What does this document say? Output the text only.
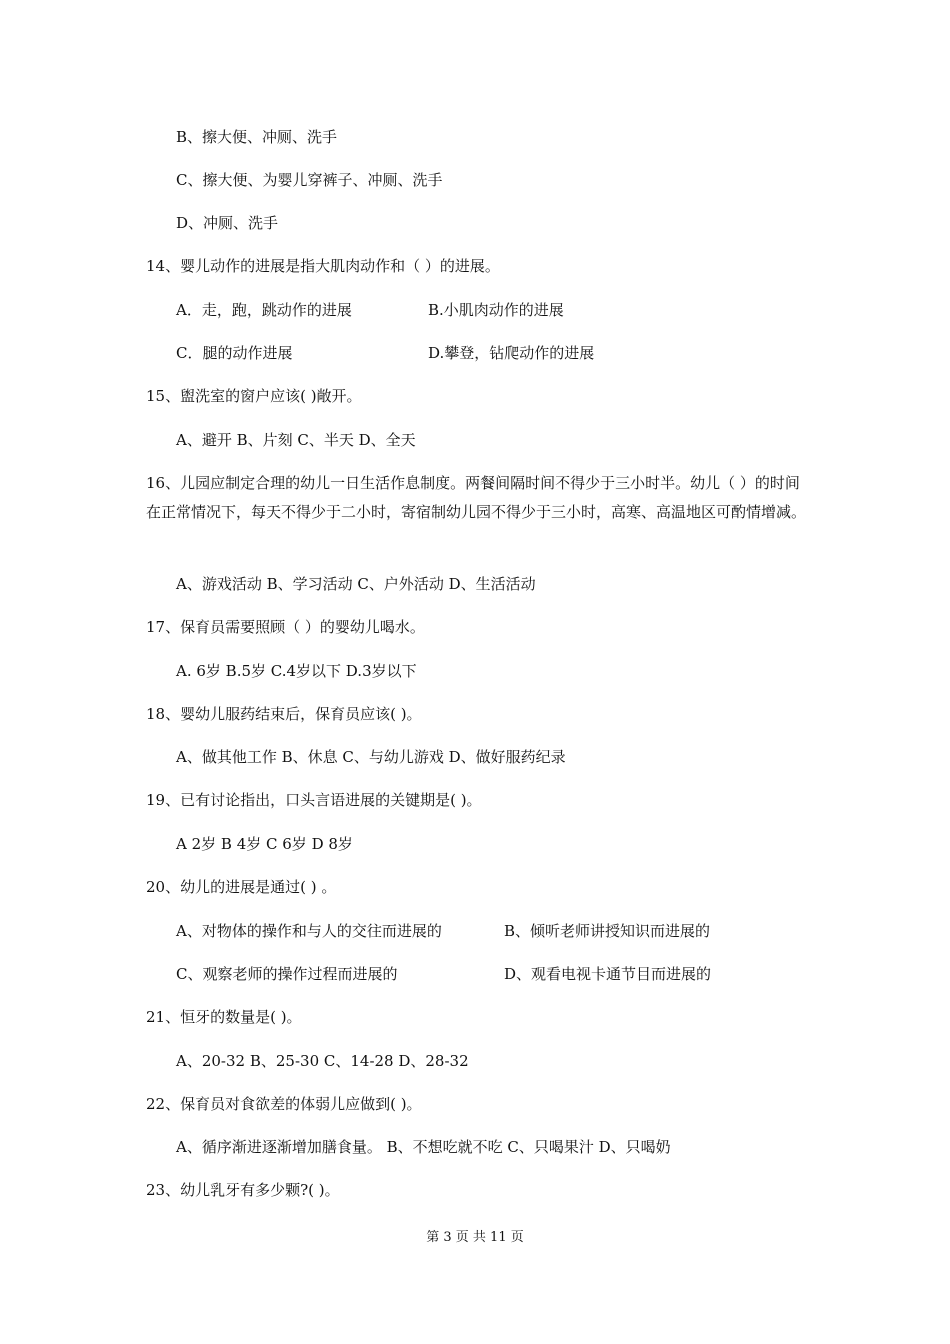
B、擦大便、冲厕、洗手
C、擦大便、为婴儿穿裤子、冲厕、洗手
D、冲厕、洗手
14、婴儿动作的进展是指大肌肉动作和（ ）的进展。
A．走，跑，跳动作的进展	B.小肌肉动作的进展
C．腿的动作进展	D.攀登，钻爬动作的进展
15、盥洗室的窗户应该( )敞开。
A、避开 B、片刻 C、半天 D、全天
16、儿园应制定合理的幼儿一日生活作息制度。两餐间隔时间不得少于三小时半。幼儿（ ）的时间在正常情况下，每天不得少于二小时，寄宿制幼儿园不得少于三小时，高寒、高温地区可酌情增减。
A、游戏活动 B、学习活动 C、户外活动 D、生活活动
17、保育员需要照顾（ ）的婴幼儿喝水。
A. 6岁 B.5岁 C.4岁以下 D.3岁以下
18、婴幼儿服药结束后，保育员应该( )。
A、做其他工作 B、休息 C、与幼儿游戏 D、做好服药纪录
19、已有讨论指出，口头言语进展的关键期是( )。
A 2岁 B 4岁 C 6岁 D 8岁
20、幼儿的进展是通过( ) 。
A、对物体的操作和与人的交往而进展的	B、倾听老师讲授知识而进展的
C、观察老师的操作过程而进展的	D、观看电视卡通节目而进展的
21、恒牙的数量是( )。
A、20-32 B、25-30 C、14-28 D、28-32
22、保育员对食欲差的体弱儿应做到( )。
A、循序渐进逐渐增加膳食量。 B、不想吃就不吃 C、只喝果汁 D、只喝奶
23、幼儿乳牙有多少颗?( )。
第 3 页 共 11 页
